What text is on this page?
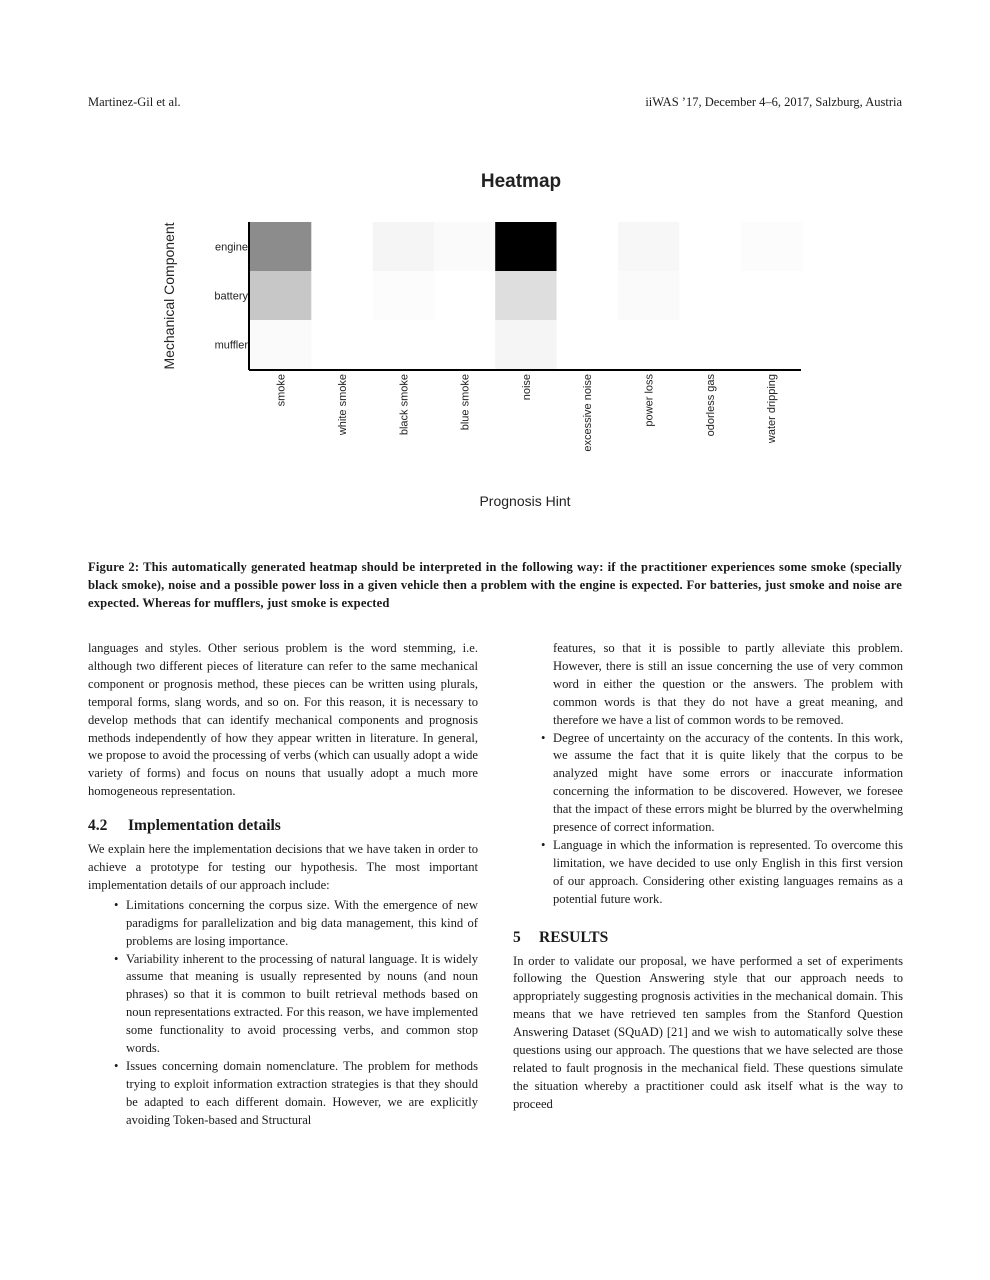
Martinez-Gil et al.	iiWAS ’17, December 4–6, 2017, Salzburg, Austria
Heatmap
engine
battery
muffler
smoke	white smoke	black smoke	blue smoke	noise	excessive noise	power loss	odorless gas	water dripping
Mechanical Component
Prognosis Hint
Figure 2: This automatically generated heatmap should be interpreted in the following way: if the practitioner experiences some smoke (specially black smoke), noise and a possible power loss in a given vehicle then a problem with the engine is expected. For batteries, just smoke and noise are expected. Whereas for mufflers, just smoke is expected

languages and styles. Other serious problem is the word stemming, i.e. although two different pieces of literature can refer to the same mechanical component or prognosis method, these pieces can be written using plurals, temporal forms, slang words, and so on. For this reason, it is necessary to develop methods that can identify mechanical components and prognosis methods independently of how they appear written in literature. In general, we propose to avoid the processing of verbs (which can usually adopt a wide variety of forms) and focus on nouns that usually adopt a much more homogeneous representation.

4.2 Implementation details

We explain here the implementation decisions that we have taken in order to achieve a prototype for testing our hypothesis. The most important implementation details of our approach include:

• Limitations concerning the corpus size. With the emergence of new paradigms for parallelization and big data management, this kind of problems are losing importance.
• Variability inherent to the processing of natural language. It is widely assume that meaning is usually represented by nouns (and noun phrases) so that it is common to built retrieval methods based on noun representations extracted. For this reason, we have implemented some functionality to avoid processing verbs, and common stop words.
• Issues concerning domain nomenclature. The problem for methods trying to exploit information extraction strategies is that they should be adapted to each different domain. However, we are explicitly avoiding Token-based and Structural
features, so that it is possible to partly alleviate this problem. However, there is still an issue concerning the use of very common word in either the question or the answers. The problem with common words is that they do not have a great meaning, and therefore we have a list of common words to be removed.
• Degree of uncertainty on the accuracy of the contents. In this work, we assume the fact that it is quite likely that the corpus to be analyzed might have some errors or inaccurate information concerning the information to be discovered. However, we foresee that the impact of these errors might be blurred by the overwhelming presence of correct information.
• Language in which the information is represented. To overcome this limitation, we have decided to use only English in this first version of our approach. Considering other existing languages remains as a potential future work.
5 RESULTS

In order to validate our proposal, we have performed a set of experiments following the Question Answering style that our approach needs to appropriately suggesting prognosis activities in the mechanical domain. This means that we have retrieved ten samples from the Stanford Question Answering Dataset (SQuAD) [21] and we wish to automatically solve these questions using our approach. The questions that we have selected are those related to fault prognosis in the mechanical field. These questions simulate the situation whereby a practitioner could ask itself what is the way to proceed
